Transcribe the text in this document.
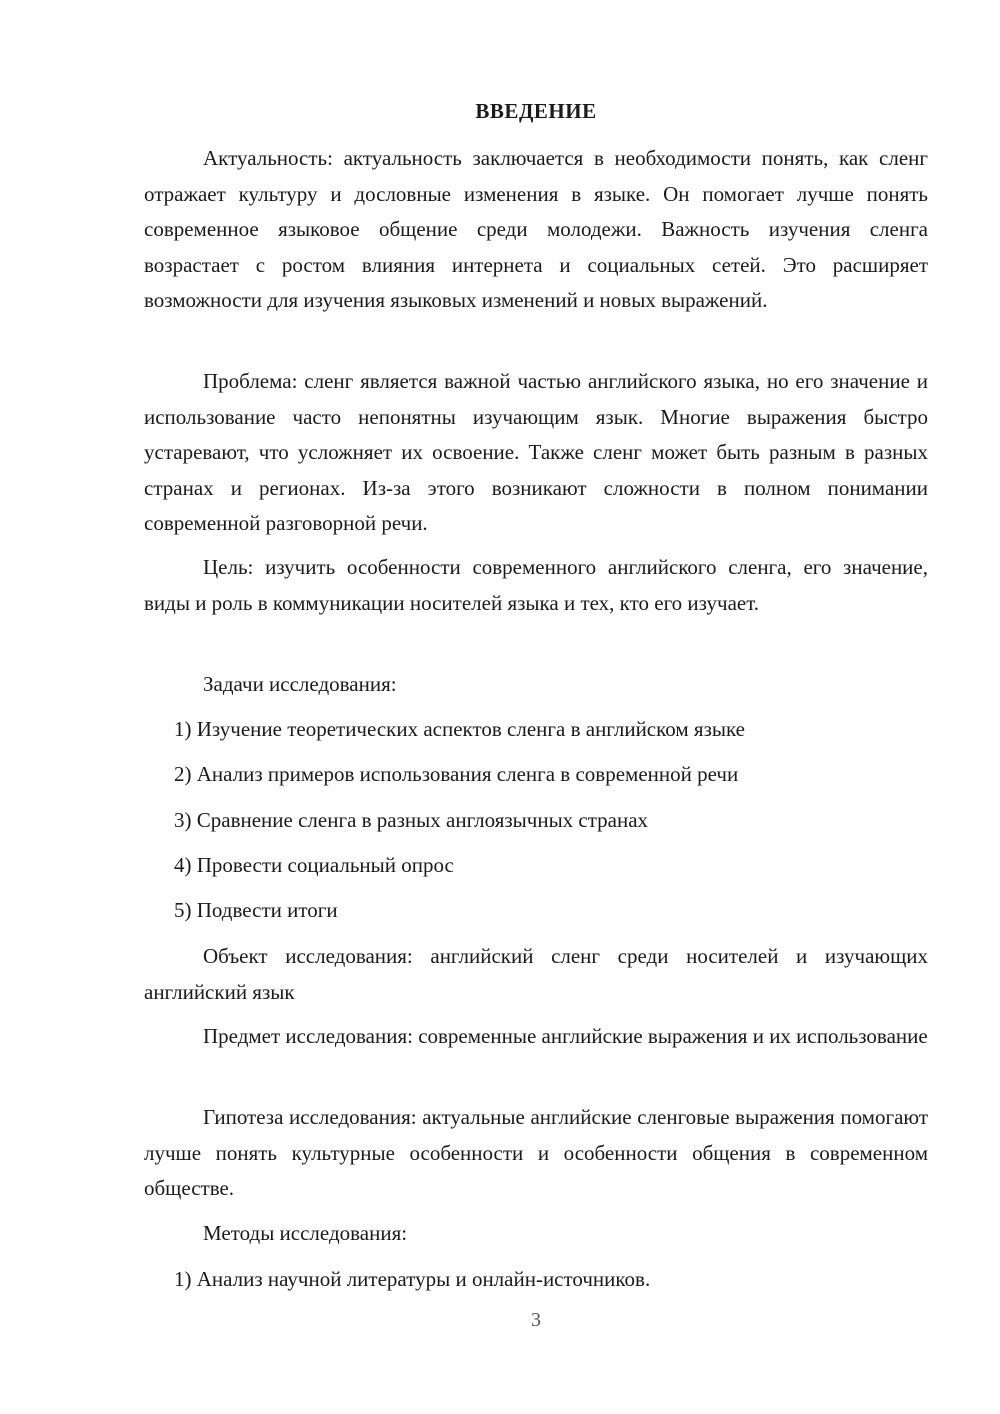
ВВЕДЕНИЕ

Актуальность: актуальность заключается в необходимости понять, как сленг отражает культуру и дословные изменения в языке. Он помогает лучше понять современное языковое общение среди молодежи. Важность изучения сленга возрастает с ростом влияния интернета и социальных сетей. Это расширяет возможности для изучения языковых изменений и новых выражений.

Проблема: сленг является важной частью английского языка, но его значение и использование часто непонятны изучающим язык. Многие выражения быстро устаревают, что усложняет их освоение. Также сленг может быть разным в разных странах и регионах. Из-за этого возникают сложности в полном понимании современной разговорной речи.

Цель: изучить особенности современного английского сленга, его значение, виды и роль в коммуникации носителей языка и тех, кто его изучает.

Задачи исследования:
1) Изучение теоретических аспектов сленга в английском языке
2) Анализ примеров использования сленга в современной речи
3) Сравнение сленга в разных англоязычных странах
4) Провести социальный опрос
5) Подвести итоги

Объект исследования: английский сленг среди носителей и изучающих английский язык

Предмет исследования: современные английские выражения и их использование

Гипотеза исследования: актуальные английские сленговые выражения помогают лучше понять культурные особенности и особенности общения в современном обществе.

Методы исследования:
1) Анализ научной литературы и онлайн-источников.
3
